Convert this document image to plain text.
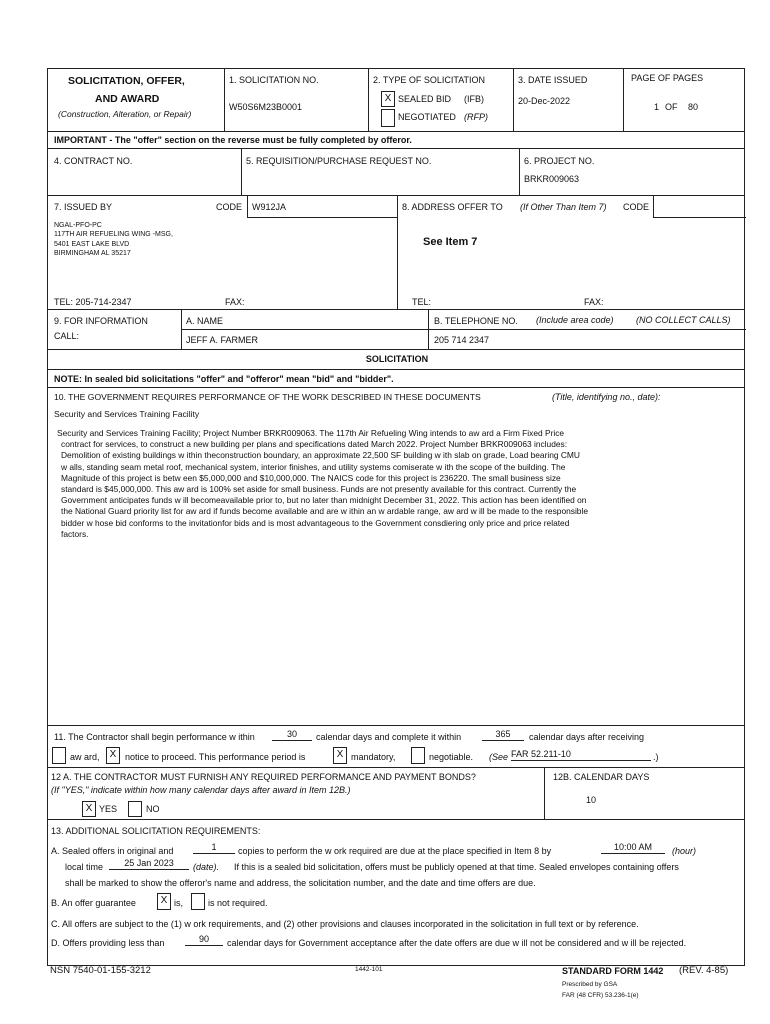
SOLICITATION, OFFER,
AND AWARD
(Construction, Alteration, or Repair)
1. SOLICITATION NO.
W50S6M23B0001
2. TYPE OF SOLICITATION
X SEALED BID (IFB)
NEGOTIATED (RFP)
3. DATE ISSUED
20-Dec-2022
PAGE OF PAGES
1 OF 80
IMPORTANT - The "offer" section on the reverse must be fully completed by offeror.
4. CONTRACT NO.	5. REQUISITION/PURCHASE REQUEST NO.	6. PROJECT NO.
BRKR009063
7. ISSUED BY	CODE W912JA
NGAL-PFO-PC
117TH AIR REFUELING WING -MSG,
5401 EAST LAKE BLVD
BIRMINGHAM AL 35217
8. ADDRESS OFFER TO (If Other Than Item 7) CODE
See Item 7
TEL: 205-714-2347	FAX:	TEL:	FAX:
9. FOR INFORMATION
CALL:
A. NAME
JEFF A. FARMER
B. TELEPHONE NO. (Include area code) (NO COLLECT CALLS)
205 714 2347
SOLICITATION
NOTE: In sealed bid solicitations "offer" and "offeror" mean "bid" and "bidder".
10. THE GOVERNMENT REQUIRES PERFORMANCE OF THE WORK DESCRIBED IN THESE DOCUMENTS	(Title, identifying no., date):
Security and Services Training Facility
Security and Services Training Facility; Project Number BRKR009063. The 117th Air Refueling Wing intends to aw ard a Firm Fixed Price
contract for services, to construct a new building per plans and specifications dated March 2022. Project Number BRKR009063 includes:
Demolition of existing buildings w ithin theconstruction boundary, an approximate 22,500 SF building w ith slab on grade, Load bearing CMU
w alls, standing seam metal roof, mechanical system, interior finishes, and utility systems comiserate w ith the scope of the building. The
Magnitude of this project is betw een $5,000,000 and $10,000,000. The NAICS code for this project is 236220. The small business size
standard is $45,000,000. This aw ard is 100% set aside for small business. Funds are not presently available for this contract. Currently the
Government anticipates funds w ill becomeavailable prior to, but no later than midnight December 31, 2022. This action has been identified on
the National Guard priority list for aw ard if funds become available and are w ithin an w ardable range, aw ard w ill be made to the responsible
bidder w hose bid conforms to the invitationfor bids and is most advantageous to the Government consdiering only price and price related
factors.
11. The Contractor shall begin performance w ithin	30	calendar days and complete it within	365	calendar days after receiving
aw ard,	X notice to proceed. This performance period is	X mandatory,	negotiable. (See FAR 52.211-10	.)
12 A. THE CONTRACTOR MUST FURNISH ANY REQUIRED PERFORMANCE AND PAYMENT BONDS?
(If "YES," indicate within how many calendar days after award in Item 12B.)
X YES	NO
12B. CALENDAR DAYS
10
13. ADDITIONAL SOLICITATION REQUIREMENTS:
A. Sealed offers in original and	1	copies to perform the w ork required are due at the place specified in Item 8 by	10:00 AM	(hour)
local time	25 Jan 2023	(date). If this is a sealed bid solicitation, offers must be publicly opened at that time. Sealed envelopes containing offers
shall be marked to show the offeror's name and address, the solicitation number, and the date and time offers are due.
B. An offer guarantee	X is,	is not required.
C. All offers are subject to the (1) w ork requirements, and (2) other provisions and clauses incorporated in the solicitation in full text or by reference.
D. Offers providing less than	90	calendar days for Government acceptance after the date offers are due w ill not be considered and w ill be rejected.
NSN 7540-01-155-3212	1442-101	STANDARD FORM 1442 (REV. 4-85)
Prescribed by GSA
FAR (48 CFR) 53.236-1(e)
